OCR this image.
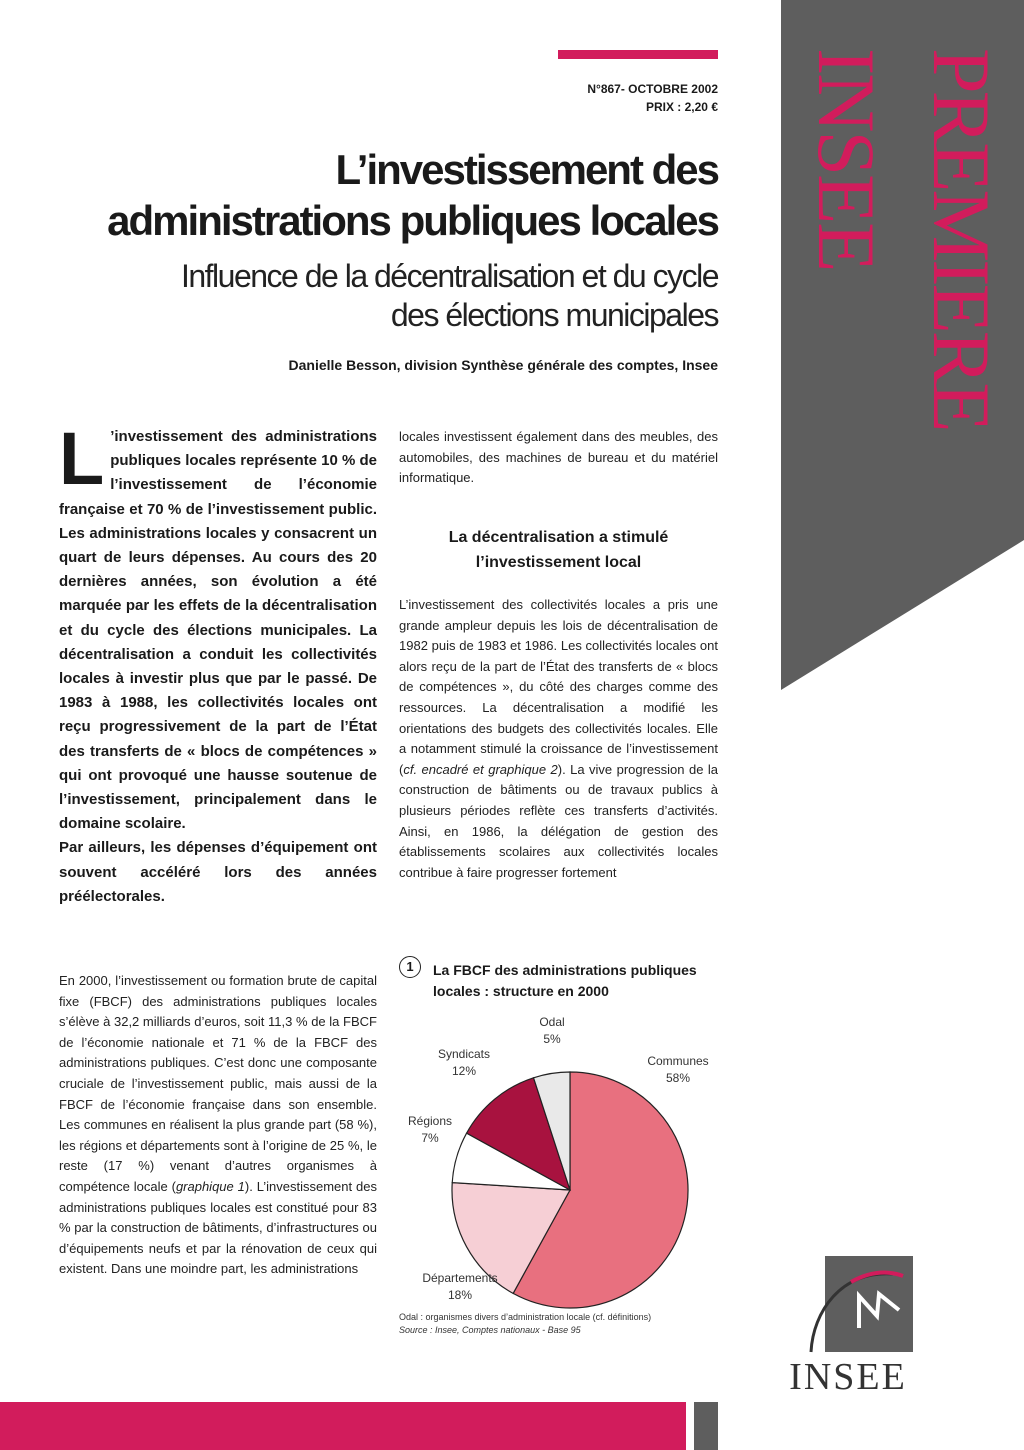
INSEE PREMIERE
N°867- OCTOBRE 2002
PRIX : 2,20 €
L’investissement des
administrations publiques locales
Influence de la décentralisation et du cycle
des élections municipales
Danielle Besson, division Synthèse générale des comptes, Insee
L ’investissement des administrations publiques locales représente 10 % de l’investissement de l’économie française et 70 % de l’investissement public. Les administrations locales y consacrent un quart de leurs dépenses. Au cours des 20 dernières années, son évolution a été marquée par les effets de la décentralisation et du cycle des élections municipales. La décentralisation a conduit les collectivités locales à investir plus que par le passé. De 1983 à 1988, les collectivités locales ont reçu progressivement de la part de l’État des transferts de « blocs de compétences » qui ont provoqué une hausse soutenue de l’investissement, principalement dans le domaine scolaire.
Par ailleurs, les dépenses d’équipement ont souvent accéléré lors des années préélectorales.
En 2000, l’investissement ou formation brute de capital fixe (FBCF) des administrations publiques locales s’élève à 32,2 milliards d’euros, soit 11,3 % de la FBCF de l’économie nationale et 71 % de la FBCF des administrations publiques. C’est donc une composante cruciale de l’investissement public, mais aussi de la FBCF de l’économie française dans son ensemble. Les communes en réalisent la plus grande part (58 %), les régions et départements sont à l’origine de 25 %, le reste (17 %) venant d’autres organismes à compétence locale (graphique 1). L’investissement des administrations publiques locales est constitué pour 83 % par la construction de bâtiments, d’infrastructures ou d’équipements neufs et par la rénovation de ceux qui existent. Dans une moindre part, les administrations
locales investissent également dans des meubles, des automobiles, des machines de bureau et du matériel informatique.
La décentralisation a stimulé l’investissement local
L’investissement des collectivités locales a pris une grande ampleur depuis les lois de décentralisation de 1982 puis de 1983 et 1986. Les collectivités locales ont alors reçu de la part de l’État des transferts de « blocs de compétences », du côté des charges comme des ressources. La décentralisation a modifié les orientations des budgets des collectivités locales. Elle a notamment stimulé la croissance de l’investissement (cf. encadré et graphique 2). La vive progression de la construction de bâtiments ou de travaux publics à plusieurs périodes reflète ces transferts d’activités. Ainsi, en 1986, la délégation de gestion des établissements scolaires aux collectivités locales contribue à faire progresser fortement
1	La FBCF des administrations publiques locales : structure en 2000
Communes
58%
Départements
18%
Régions
7%
Syndicats
12%
Odal
5%
Odal : organismes divers d’administration locale (cf. définitions)
Source : Insee, Comptes nationaux - Base 95
INSEE
